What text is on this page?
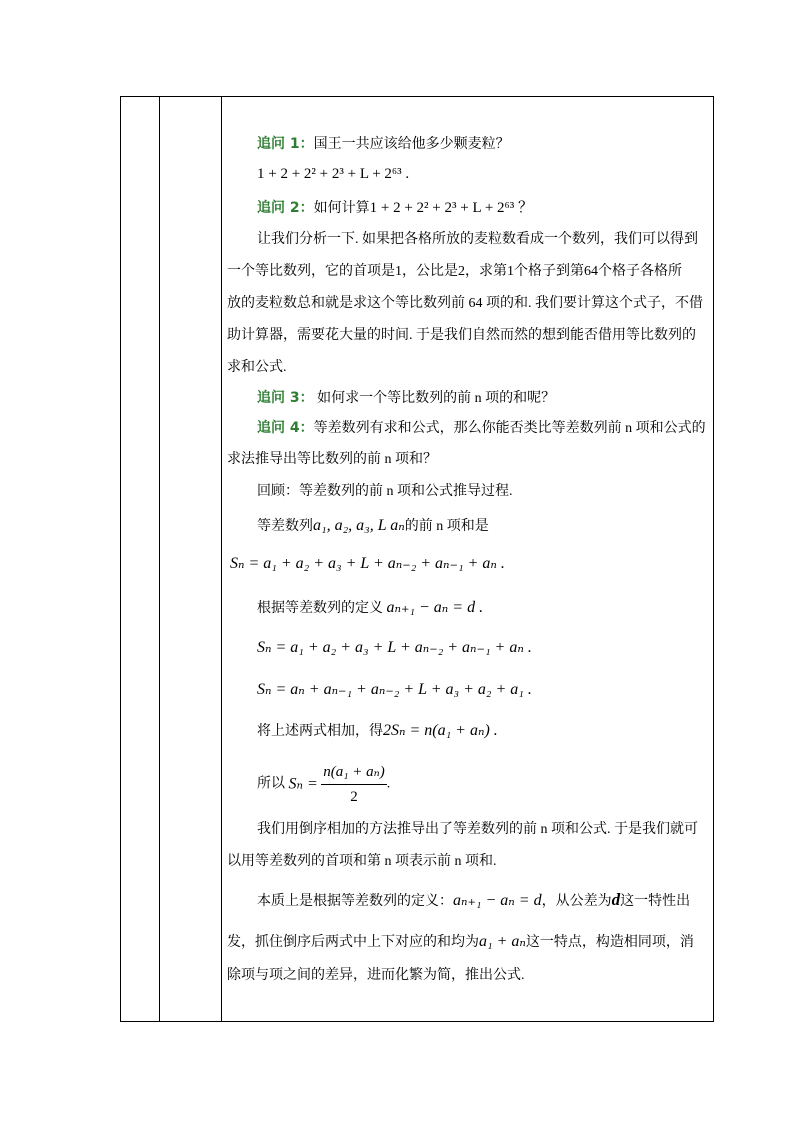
追问 1：国王一共应该给他多少颗麦粒？
1 + 2 + 2² + 2³ + L + 2⁶³ .
追问 2：如何计算1 + 2 + 2² + 2³ + L + 2⁶³ ？
让我们分析一下. 如果把各格所放的麦粒数看成一个数列，我们可以得到
一个等比数列，它的首项是1，公比是2，求第1个格子到第64个格子各格所
放的麦粒数总和就是求这个等比数列前 64 项的和. 我们要计算这个式子，不借
助计算器，需要花大量的时间. 于是我们自然而然的想到能否借用等比数列的
求和公式.
追问 3： 如何求一个等比数列的前 n 项的和呢？
追问 4：等差数列有求和公式，那么你能否类比等差数列前 n 项和公式的
求法推导出等比数列的前 n 项和？
回顾：等差数列的前 n 项和公式推导过程.
等差数列a₁, a₂, a₃, L aₙ的前 n 项和是
Sₙ = a₁ + a₂ + a₃ + L + aₙ₋₂ + aₙ₋₁ + aₙ .
根据等差数列的定义 aₙ₊₁ − aₙ = d .
Sₙ = a₁ + a₂ + a₃ + L + aₙ₋₂ + aₙ₋₁ + aₙ .
Sₙ = aₙ + aₙ₋₁ + aₙ₋₂ + L + a₃ + a₂ + a₁ .
将上述两式相加，得2Sₙ = n(a₁ + aₙ) .
所以 $S_n = \frac{\text{n(a₁ + aₙ)}}{2}$ .
我们用倒序相加的方法推导出了等差数列的前 n 项和公式. 于是我们就可
以用等差数列的首项和第 n 项表示前 n 项和.
本质上是根据等差数列的定义：aₙ₊₁ − aₙ = d，从公差为d这一特性出
发，抓住倒序后两式中上下对应的和均为a₁ + aₙ这一特点，构造相同项，消
除项与项之间的差异，进而化繁为简，推出公式.
